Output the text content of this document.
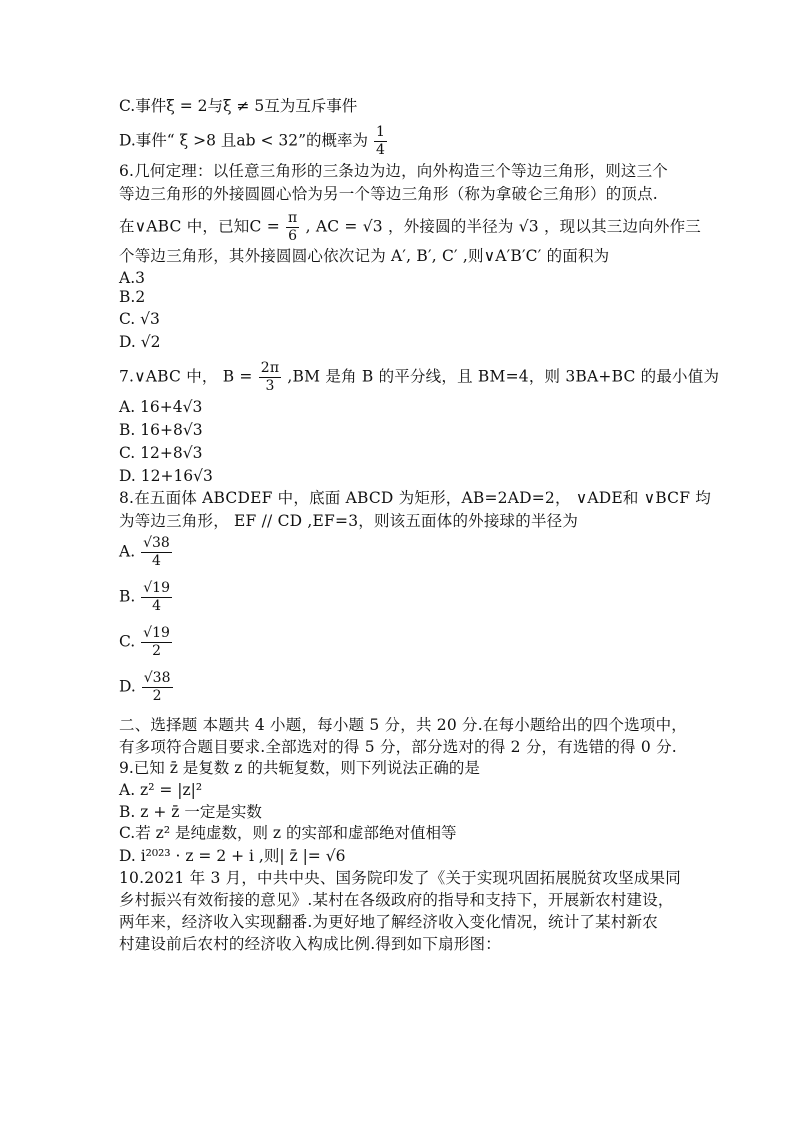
C.事件ξ = 2与ξ ≠ 5互为互斥事件
D.事件“ ξ >8 且ab < 32”的概率为 $\frac{1}{4}$
6.几何定理：以任意三角形的三条边为边，向外构造三个等边三角形，则这三个
等边三角形的外接圆圆心恰为另一个等边三角形（称为拿破仑三角形）的顶点.
在∨ABC 中，已知$C = \frac{\pi}{6}$ , AC = √3 ，外接圆的半径为 √3 ，现以其三边向外作三
个等边三角形，其外接圆圆心依次记为 A′, B′, C′ ,则∨A′B′C′ 的面积为
A.3
B.2
C. √3
D. √2
7.∨ABC 中， $B = \frac{2\pi}{3} ,BM$ 是角 B 的平分线，且 BM=4，则 3BA+BC 的最小值为
A. 16+4√3
B. 16+8√3
C. 12+8√3
D. 12+16√3
8.在五面体 ABCDEF 中，底面 ABCD 为矩形，AB=2AD=2， ∨ADE和 ∨BCF 均
为等边三角形， EF // CD ,EF=3，则该五面体的外接球的半径为
A. $\frac{√38}{4}$
B. $\frac{√19}{4}$
C. $\frac{√19}{2}$
D. $\frac{√38}{2}$
二、选择题 本题共 4 小题，每小题 5 分，共 20 分.在每小题给出的四个选项中，
有多项符合题目要求.全部选对的得 5 分，部分选对的得 2 分，有选错的得 0 分.
9.已知 z̄ 是复数 z 的共轭复数，则下列说法正确的是
A. z² = |z|²
B. z + z̄ 一定是实数
C.若 z² 是纯虚数，则 z 的实部和虚部绝对值相等
D. i²⁰²³ · z = 2 + i ,则| z̄ |= √6
10.2021 年 3 月，中共中央、国务院印发了《关于实现巩固拓展脱贫攻坚成果同
乡村振兴有效衔接的意见》.某村在各级政府的指导和支持下，开展新农村建设，
两年来，经济收入实现翻番.为更好地了解经济收入变化情况，统计了某村新农
村建设前后农村的经济收入构成比例.得到如下扇形图：
